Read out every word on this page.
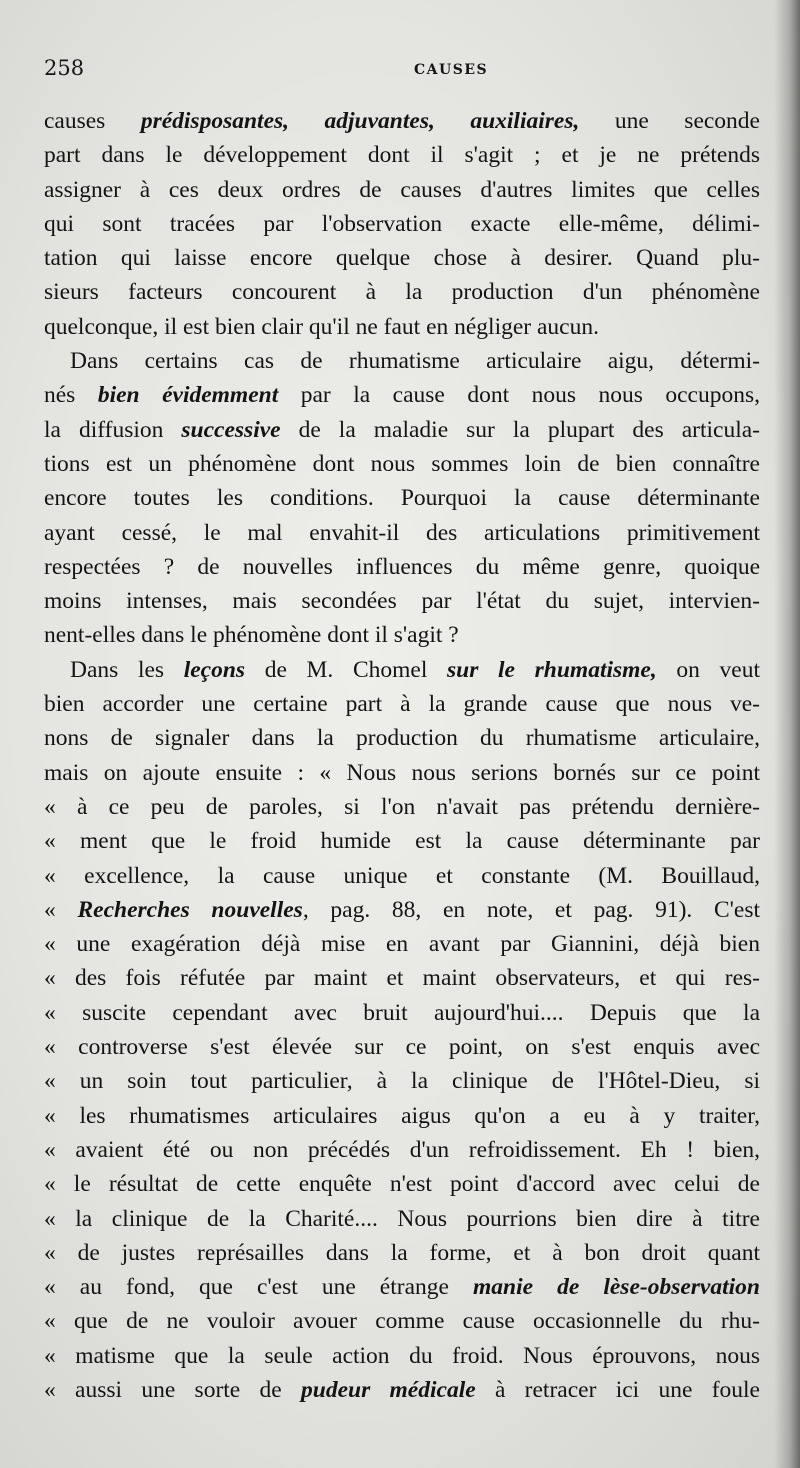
258	CAUSES
causes prédisposantes, adjuvantes, auxiliaires, une seconde
part dans le développement dont il s'agit ; et je ne prétends
assigner à ces deux ordres de causes d'autres limites que celles
qui sont tracées par l'observation exacte elle-même, délimi-
tation qui laisse encore quelque chose à desirer. Quand plu-
sieurs facteurs concourent à la production d'un phénomène
quelconque, il est bien clair qu'il ne faut en négliger aucun.
Dans certains cas de rhumatisme articulaire aigu, détermi-
nés bien évidemment par la cause dont nous nous occupons,
la diffusion successive de la maladie sur la plupart des articula-
tions est un phénomène dont nous sommes loin de bien connaître
encore toutes les conditions. Pourquoi la cause déterminante
ayant cessé, le mal envahit-il des articulations primitivement
respectées ? de nouvelles influences du même genre, quoique
moins intenses, mais secondées par l'état du sujet, intervien-
nent-elles dans le phénomène dont il s'agit ?
Dans les leçons de M. Chomel sur le rhumatisme, on veut
bien accorder une certaine part à la grande cause que nous ve-
nons de signaler dans la production du rhumatisme articulaire,
mais on ajoute ensuite : « Nous nous serions bornés sur ce point
« à ce peu de paroles, si l'on n'avait pas prétendu dernière-
« ment que le froid humide est la cause déterminante par
« excellence, la cause unique et constante (M. Bouillaud,
« Recherches nouvelles, pag. 88, en note, et pag. 91). C'est
« une exagération déjà mise en avant par Giannini, déjà bien
« des fois réfutée par maint et maint observateurs, et qui res-
« suscite cependant avec bruit aujourd'hui.... Depuis que la
« controverse s'est élevée sur ce point, on s'est enquis avec
« un soin tout particulier, à la clinique de l'Hôtel-Dieu, si
« les rhumatismes articulaires aigus qu'on a eu à y traiter,
« avaient été ou non précédés d'un refroidissement. Eh ! bien,
« le résultat de cette enquête n'est point d'accord avec celui de
« la clinique de la Charité.... Nous pourrions bien dire à titre
« de justes représailles dans la forme, et à bon droit quant
« au fond, que c'est une étrange manie de lèse-observation
« que de ne vouloir avouer comme cause occasionnelle du rhu-
« matisme que la seule action du froid. Nous éprouvons, nous
« aussi une sorte de pudeur médicale à retracer ici une foule
